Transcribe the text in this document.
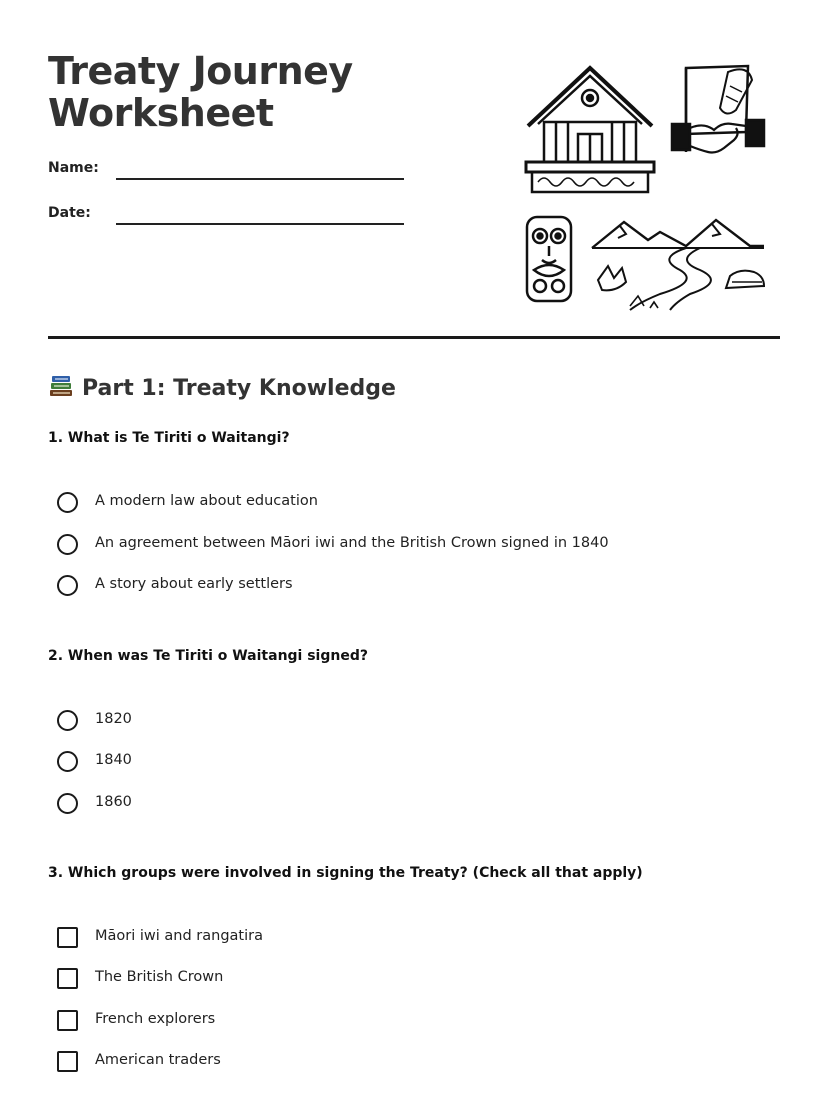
Treaty Journey Worksheet
Name:
Date:
Part 1: Treaty Knowledge
1. What is Te Tiriti o Waitangi?
A modern law about education
An agreement between Māori iwi and the British Crown signed in 1840
A story about early settlers
2. When was Te Tiriti o Waitangi signed?
1820
1840
1860
3. Which groups were involved in signing the Treaty? (Check all that apply)
Māori iwi and rangatira
The British Crown
French explorers
American traders
